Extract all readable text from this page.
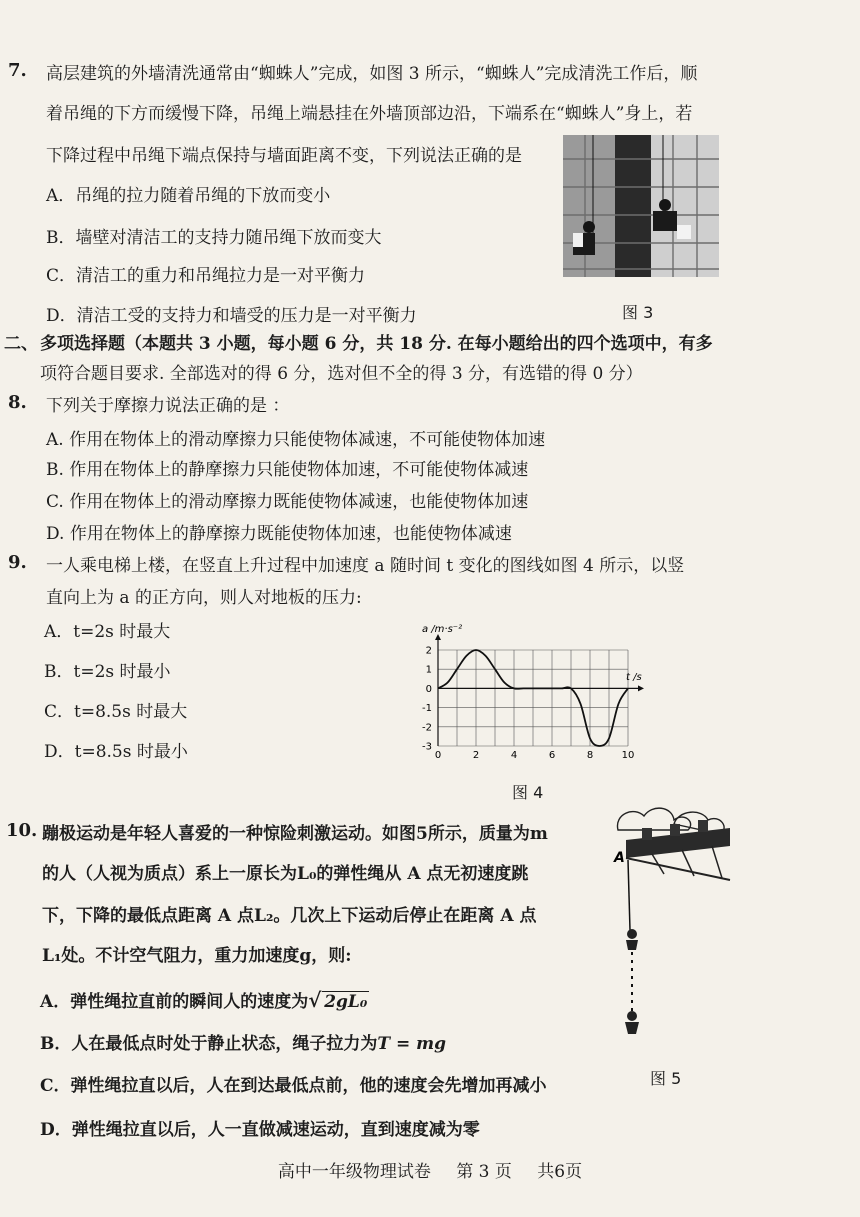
7. 高层建筑的外墙清洗通常由“蜘蛛人”完成，如图 3 所示，“蜘蛛人”完成清洗工作后，顺
着吊绳的下方而缓慢下降，吊绳上端悬挂在外墙顶部边沿，下端系在“蜘蛛人”身上，若
下降过程中吊绳下端点保持与墙面距离不变，下列说法正确的是
A．吊绳的拉力随着吊绳的下放而变小
B．墙壁对清洁工的支持力随吊绳下放而变大
C．清洁工的重力和吊绳拉力是一对平衡力
D．清洁工受的支持力和墙受的压力是一对平衡力	图 3
二、 多项选择题（本题共 3 小题，每小题 6 分，共 18 分. 在每小题给出的四个选项中，有多
项符合题目要求. 全部选对的得 6 分，选对但不全的得 3 分，有选错的得 0 分）
8. 下列关于摩擦力说法正确的是 ：
A. 作用在物体上的滑动摩擦力只能使物体减速，不可能使物体加速
B. 作用在物体上的静摩擦力只能使物体加速，不可能使物体减速
C. 作用在物体上的滑动摩擦力既能使物体减速，也能使物体加速
D. 作用在物体上的静摩擦力既能使物体加速，也能使物体减速
9. 一人乘电梯上楼，在竖直上升过程中加速度 a 随时间 t 变化的图线如图 4 所示，以竖
直向上为 a 的正方向，则人对地板的压力:
A．t=2s 时最大
B．t=2s 时最小
C．t=8.5s 时最大
D．t=8.5s 时最小	0	2	4	6	8	10
2
1
0
-1
-2
-3
a /m·s⁻²
t /s
图 4
10. 蹦极运动是年轻人喜爱的一种惊险刺激运动。如图5所示，质量为m
的人（人视为质点）系上一原长为L₀的弹性绳从 A 点无初速度跳
下，下降的最低点距离 A 点L₂。几次上下运动后停止在距离 A 点
L₁处。不计空气阻力，重力加速度g，则:
A．弹性绳拉直前的瞬间人的速度为 √ 2gL₀
B．人在最低点时处于静止状态，绳子拉力为T = mg
C．弹性绳拉直以后，人在到达最低点前，他的速度会先增加再减小
D．弹性绳拉直以后，人一直做减速运动，直到速度减为零
A
图 5
高中一年级物理试卷 第 3 页 共6页
